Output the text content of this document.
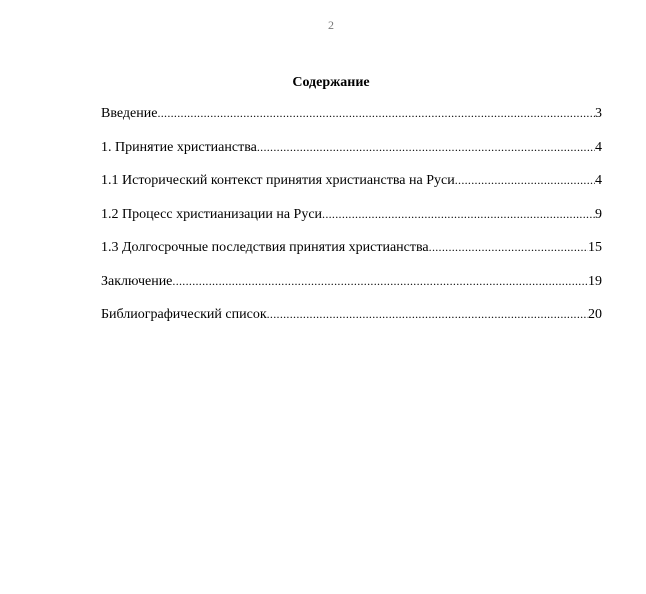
2
Содержание
Введение .....	3
1. Принятие христианства .....	4
1.1 Исторический контекст принятия христианства на Руси .....	4
1.2 Процесс христианизации на Руси .....	9
1.3 Долгосрочные последствия принятия христианства .....	15
Заключение .....	19
Библиографический список .....	20
